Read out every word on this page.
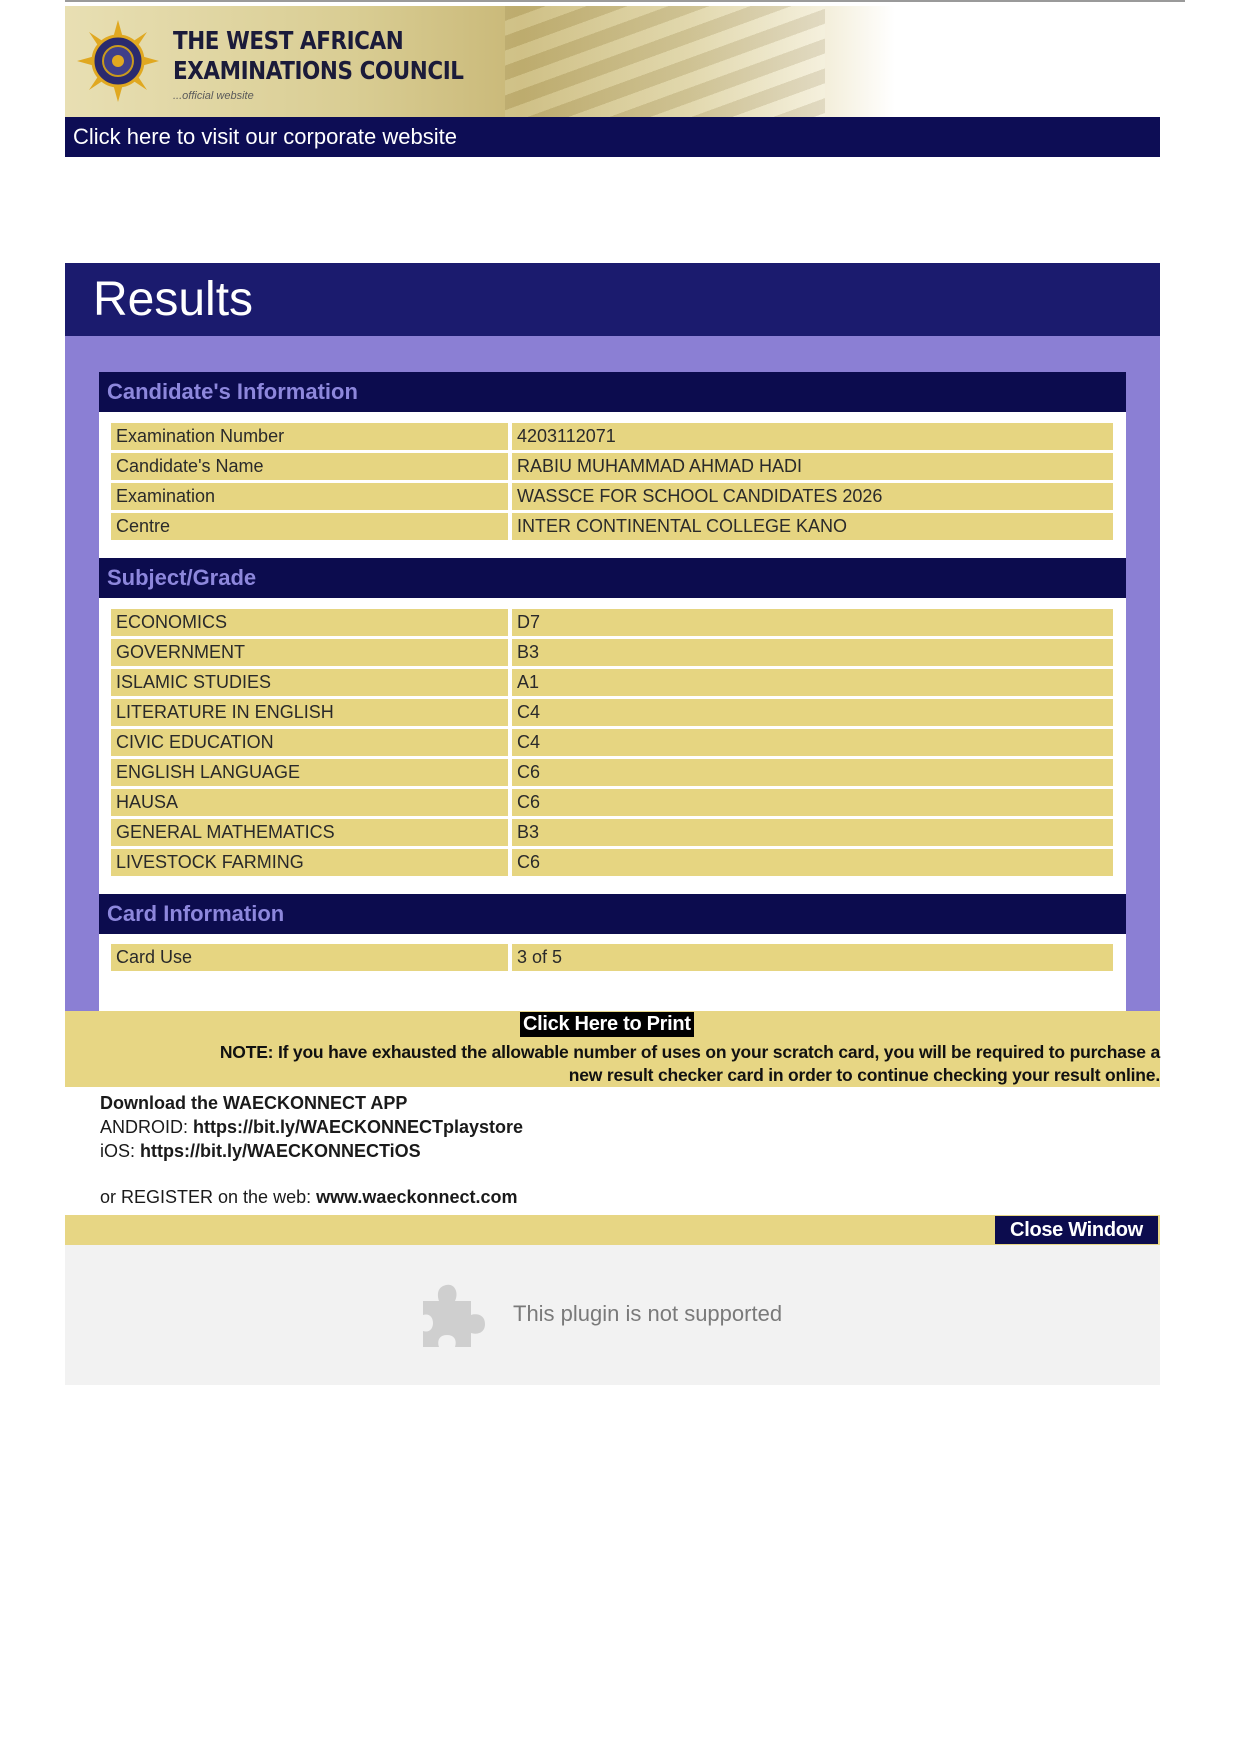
THE WEST AFRICAN
EXAMINATIONS COUNCIL
...official website
Click here to visit our corporate website
Results
Candidate's Information
Examination Number	4203112071
Candidate's Name	RABIU MUHAMMAD AHMAD HADI
Examination	WASSCE FOR SCHOOL CANDIDATES 2026
Centre	INTER CONTINENTAL COLLEGE KANO
Subject/Grade
ECONOMICS	D7
GOVERNMENT	B3
ISLAMIC STUDIES	A1
LITERATURE IN ENGLISH	C4
CIVIC EDUCATION	C4
ENGLISH LANGUAGE	C6
HAUSA	C6
GENERAL MATHEMATICS	B3
LIVESTOCK FARMING	C6
Card Information
Card Use	3 of 5
Click Here to Print
NOTE: If you have exhausted the allowable number of uses on your scratch card, you will be required to purchase a
new result checker card in order to continue checking your result online.
Download the WAECKONNECT APP
ANDROID: https://bit.ly/WAECKONNECTplaystore
iOS: https://bit.ly/WAECKONNECTiOS
or REGISTER on the web: www.waeckonnect.com
Close Window
This plugin is not supported
